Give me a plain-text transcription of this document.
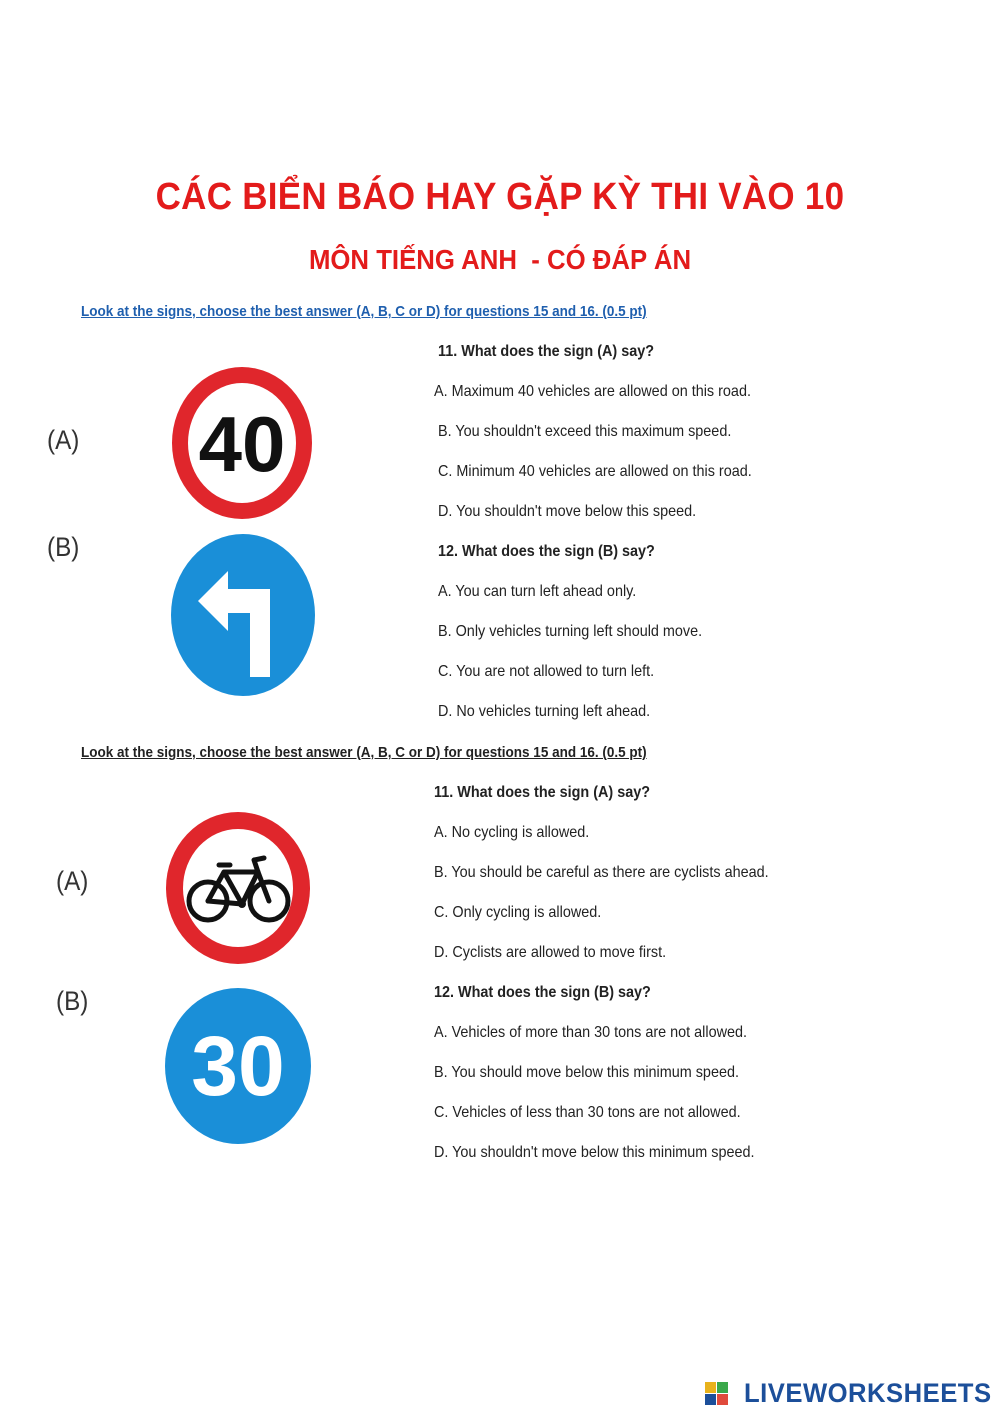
CÁC BIỂN BÁO HAY GẶP KỲ THI VÀO 10
MÔN TIẾNG ANH  - CÓ ĐÁP ÁN
Look at the signs, choose the best answer (A, B, C or D) for questions 15 and 16. (0.5 pt)
(A) 40
(B)
11. What does the sign (A) say?
A. Maximum 40 vehicles are allowed on this road.
B. You shouldn't exceed this maximum speed.
C. Minimum 40 vehicles are allowed on this road.
D. You shouldn't move below this speed.
12. What does the sign (B) say?
A. You can turn left ahead only.
B. Only vehicles turning left should move.
C. You are not allowed to turn left.
D. No vehicles turning left ahead.
Look at the signs, choose the best answer (A, B, C or D) for questions 15 and 16. (0.5 pt)
(A)
(B)
30
11. What does the sign (A) say?
A. No cycling is allowed.
B. You should be careful as there are cyclists ahead.
C. Only cycling is allowed.
D. Cyclists are allowed to move first.
12. What does the sign (B) say?
A. Vehicles of more than 30 tons are not allowed.
B. You should move below this minimum speed.
C. Vehicles of less than 30 tons are not allowed.
D. You shouldn't move below this minimum speed.
LIVEWORKSHEETS
